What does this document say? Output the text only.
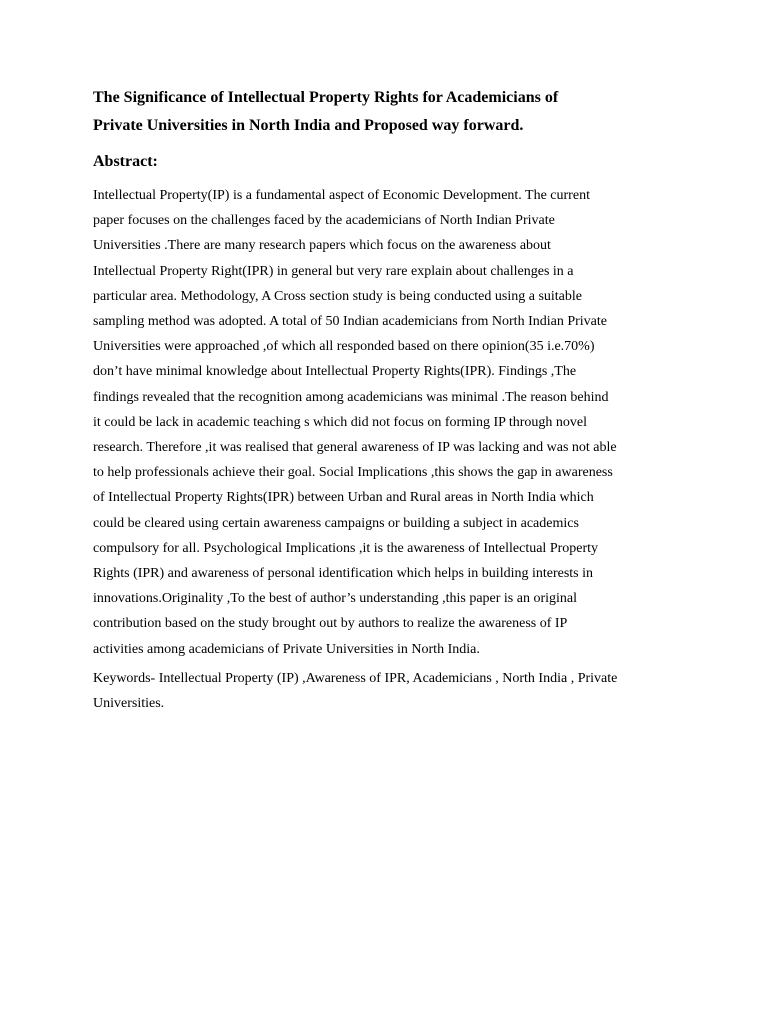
The Significance of Intellectual Property Rights for Academicians of
Private Universities in North India and Proposed way forward.
Abstract:

Intellectual Property(IP) is a fundamental aspect of Economic Development. The current
paper focuses on the challenges faced by the academicians of North Indian Private
Universities .There are many research papers which focus on the awareness about
Intellectual Property Right(IPR) in general but very rare explain about challenges in a
particular area. Methodology, A Cross section study is being conducted using a suitable
sampling method was adopted. A total of 50 Indian academicians from North Indian Private
Universities were approached ,of which all responded based on there opinion(35 i.e.70%)
don’t have minimal knowledge about Intellectual Property Rights(IPR). Findings ,The
findings revealed that the recognition among academicians was minimal .The reason behind
it could be lack in academic teaching s which did not focus on forming IP through novel
research. Therefore ,it was realised that general awareness of IP was lacking and was not able
to help professionals achieve their goal. Social Implications ,this shows the gap in awareness
of Intellectual Property Rights(IPR) between Urban and Rural areas in North India which
could be cleared using certain awareness campaigns or building a subject in academics
compulsory for all. Psychological Implications ,it is the awareness of Intellectual Property
Rights (IPR) and awareness of personal identification which helps in building interests in
innovations.Originality ,To the best of author’s understanding ,this paper is an original
contribution based on the study brought out by authors to realize the awareness of IP
activities among academicians of Private Universities in North India.

Keywords- Intellectual Property (IP) ,Awareness of IPR, Academicians , North India , Private
Universities.
